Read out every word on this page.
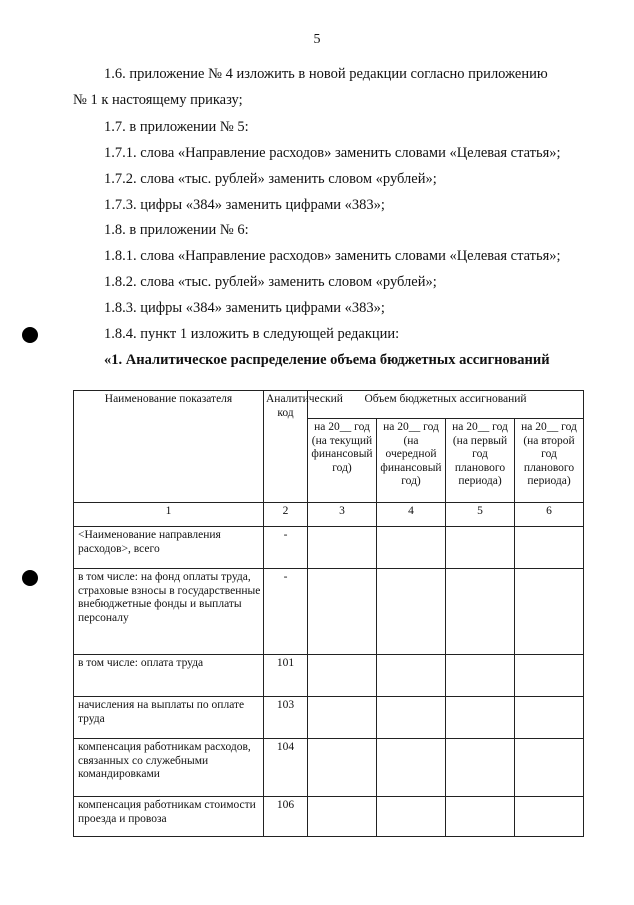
5
1.6. приложение № 4 изложить в новой редакции согласно приложению
№ 1 к настоящему приказу;
1.7. в приложении № 5:
1.7.1. слова «Направление расходов» заменить словами «Целевая статья»;
1.7.2. слова «тыс. рублей» заменить словом «рублей»;
1.7.3. цифры «384» заменить цифрами «383»;
1.8. в приложении № 6:
1.8.1. слова «Направление расходов» заменить словами «Целевая статья»;
1.8.2. слова «тыс. рублей» заменить словом «рублей»;
1.8.3. цифры «384» заменить цифрами «383»;
1.8.4. пункт 1 изложить в следующей редакции:
«1. Аналитическое распределение объема бюджетных ассигнований
Наименование показателя	Аналитический код	Объем бюджетных ассигнований			
		на 20__ год (на текущий финансовый год)	на 20__ год (на очередной финансовый год)	на 20__ год (на первый год планового периода)	на 20__ год (на второй год планового периода)
1	2	3	4	5	6
<Наименование направления расходов>, всего	-				
в том числе: на фонд оплаты труда, страховые взносы в государственные внебюджетные фонды и выплаты персоналу	-				
в том числе: оплата труда	101				
начисления на выплаты по оплате труда	103				
компенсация работникам расходов, связанных со служебными командировками	104				
компенсация работникам стоимости проезда и провоза	106				
